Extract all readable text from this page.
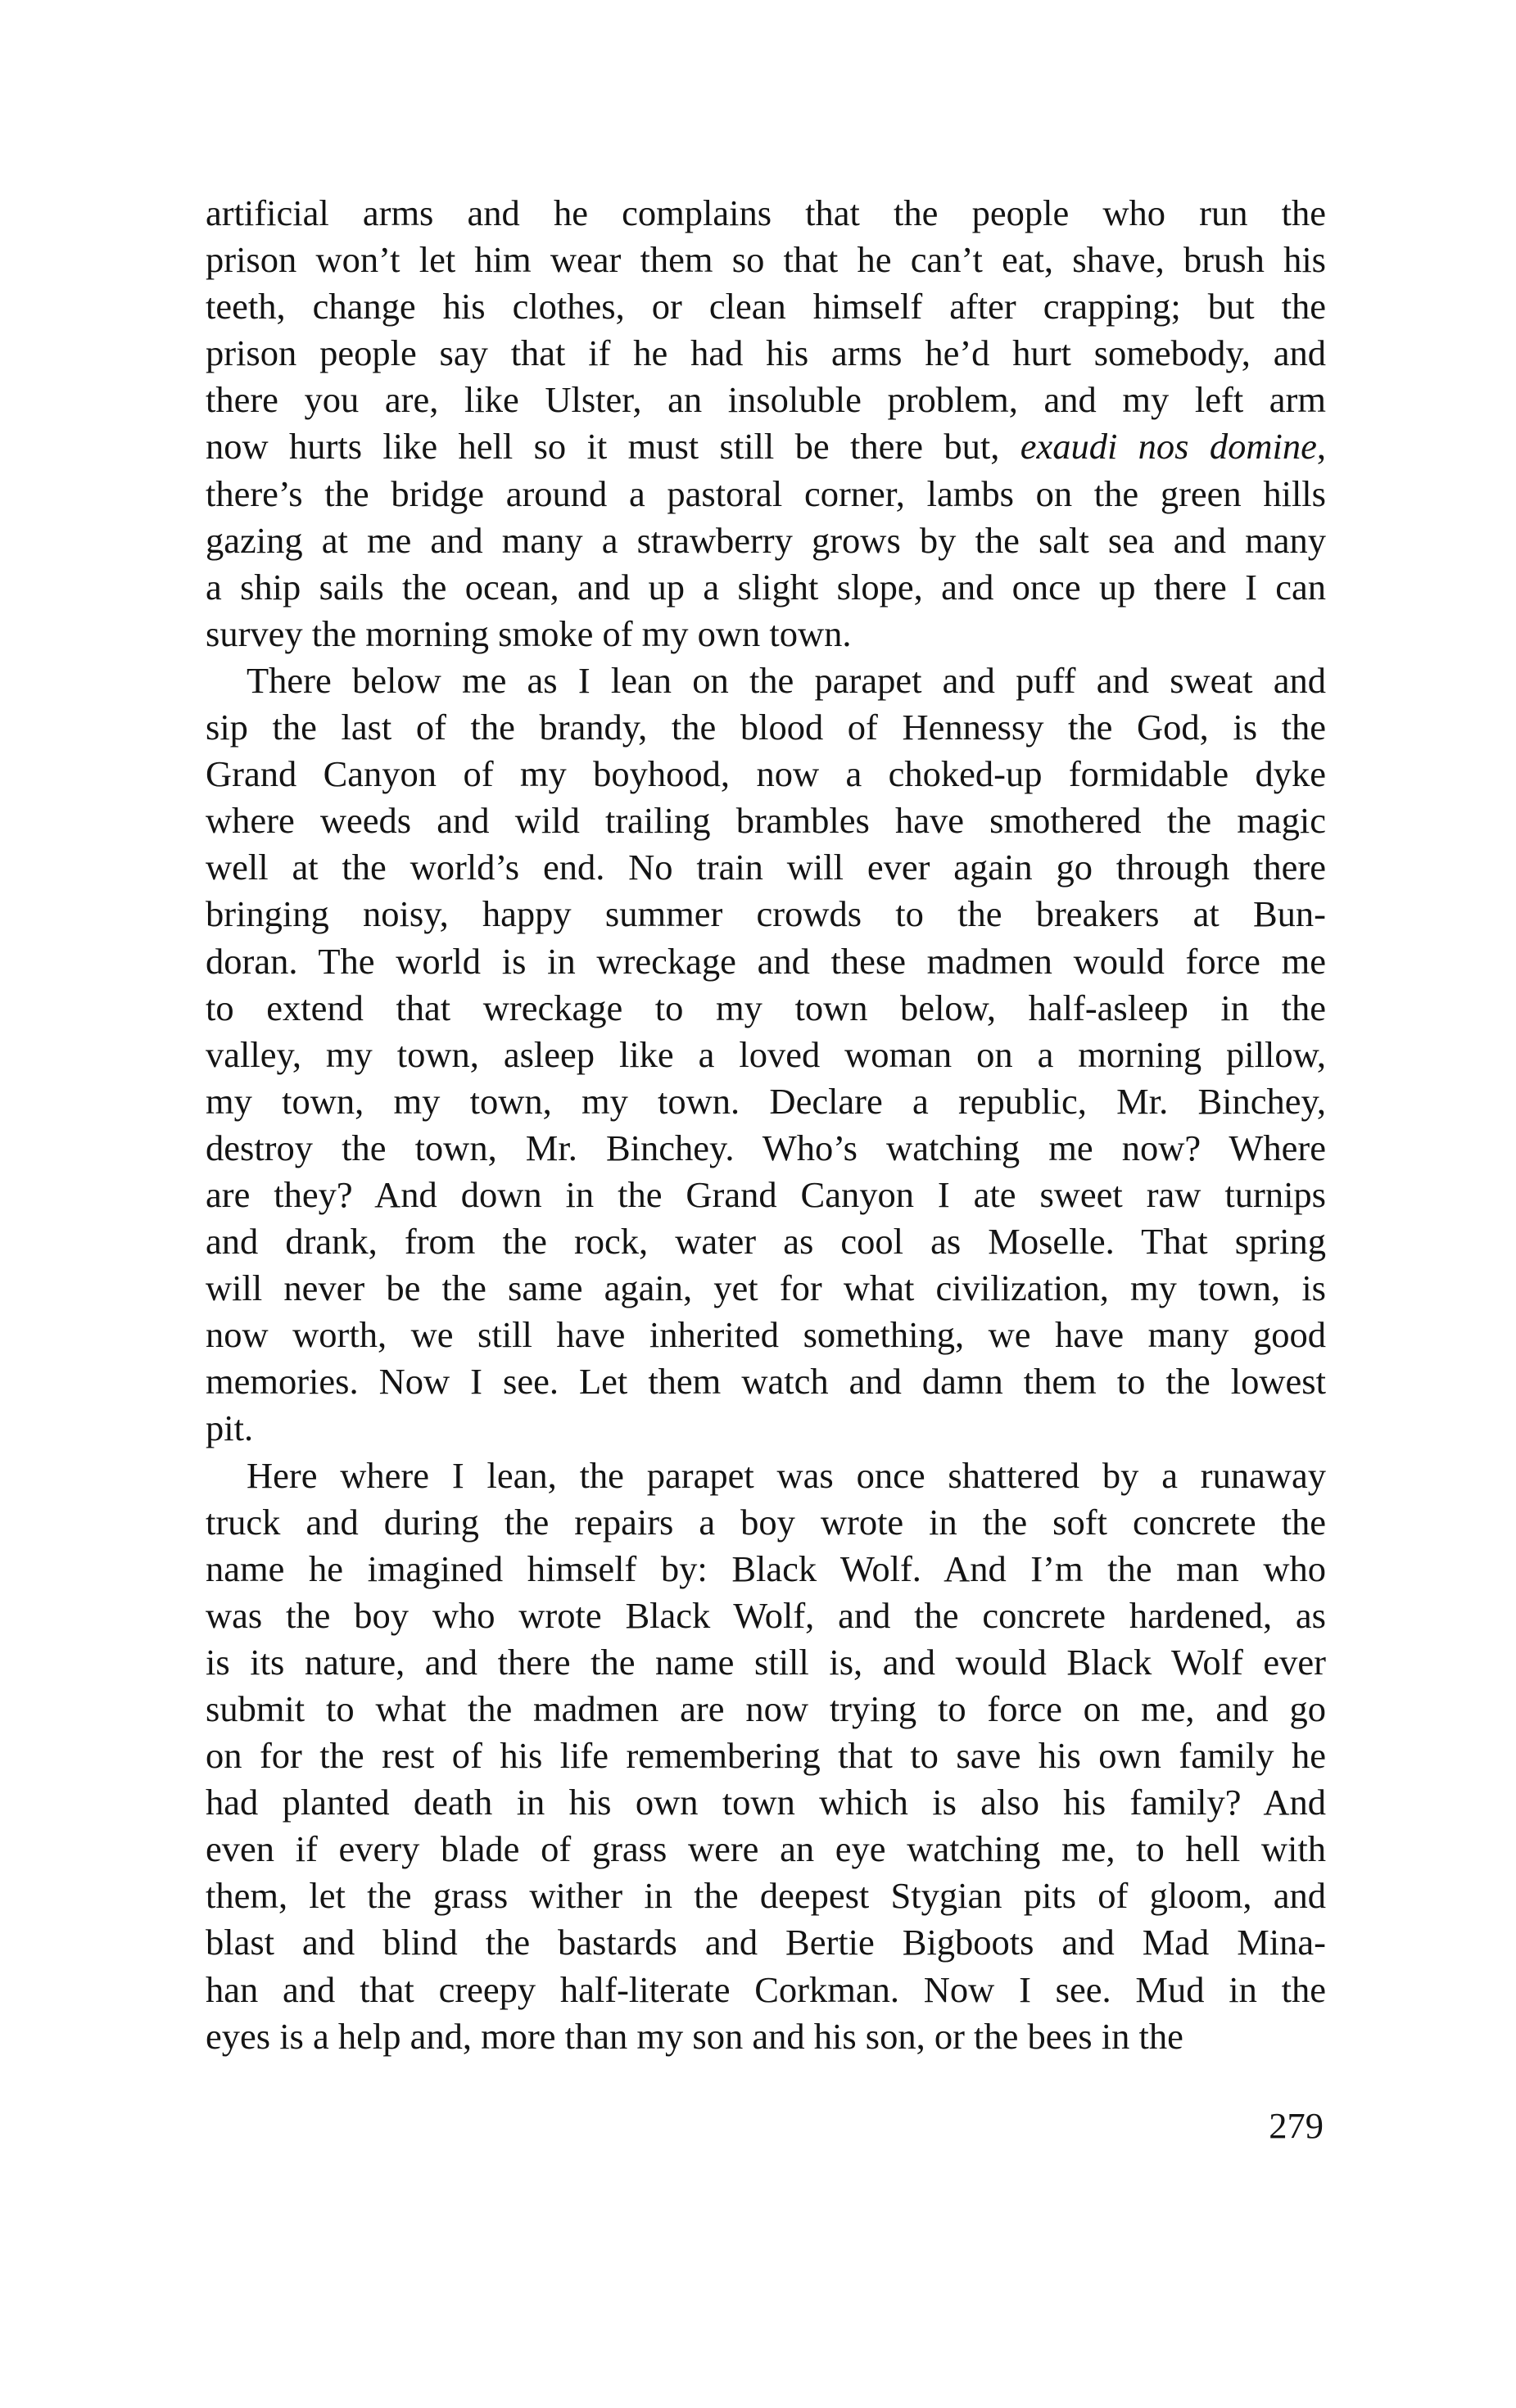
artificial arms and he complains that the people who run the
prison won’t let him wear them so that he can’t eat, shave, brush his
teeth, change his clothes, or clean himself after crapping; but the
prison people say that if he had his arms he’d hurt somebody, and
there you are, like Ulster, an insoluble problem, and my left arm
now hurts like hell so it must still be there but, exaudi nos domine,
there’s the bridge around a pastoral corner, lambs on the green hills
gazing at me and many a strawberry grows by the salt sea and many
a ship sails the ocean, and up a slight slope, and once up there I can
survey the morning smoke of my own town.
There below me as I lean on the parapet and puff and sweat and
sip the last of the brandy, the blood of Hennessy the God, is the
Grand Canyon of my boyhood, now a choked-up formidable dyke
where weeds and wild trailing brambles have smothered the magic
well at the world’s end. No train will ever again go through there
bringing noisy, happy summer crowds to the breakers at Bun-
doran. The world is in wreckage and these madmen would force me
to extend that wreckage to my town below, half-asleep in the
valley, my town, asleep like a loved woman on a morning pillow,
my town, my town, my town. Declare a republic, Mr. Binchey,
destroy the town, Mr. Binchey. Who’s watching me now? Where
are they? And down in the Grand Canyon I ate sweet raw turnips
and drank, from the rock, water as cool as Moselle. That spring
will never be the same again, yet for what civilization, my town, is
now worth, we still have inherited something, we have many good
memories. Now I see. Let them watch and damn them to the lowest
pit.
Here where I lean, the parapet was once shattered by a runaway
truck and during the repairs a boy wrote in the soft concrete the
name he imagined himself by: Black Wolf. And I’m the man who
was the boy who wrote Black Wolf, and the concrete hardened, as
is its nature, and there the name still is, and would Black Wolf ever
submit to what the madmen are now trying to force on me, and go
on for the rest of his life remembering that to save his own family he
had planted death in his own town which is also his family? And
even if every blade of grass were an eye watching me, to hell with
them, let the grass wither in the deepest Stygian pits of gloom, and
blast and blind the bastards and Bertie Bigboots and Mad Mina-
han and that creepy half-literate Corkman. Now I see. Mud in the
eyes is a help and, more than my son and his son, or the bees in the
279
